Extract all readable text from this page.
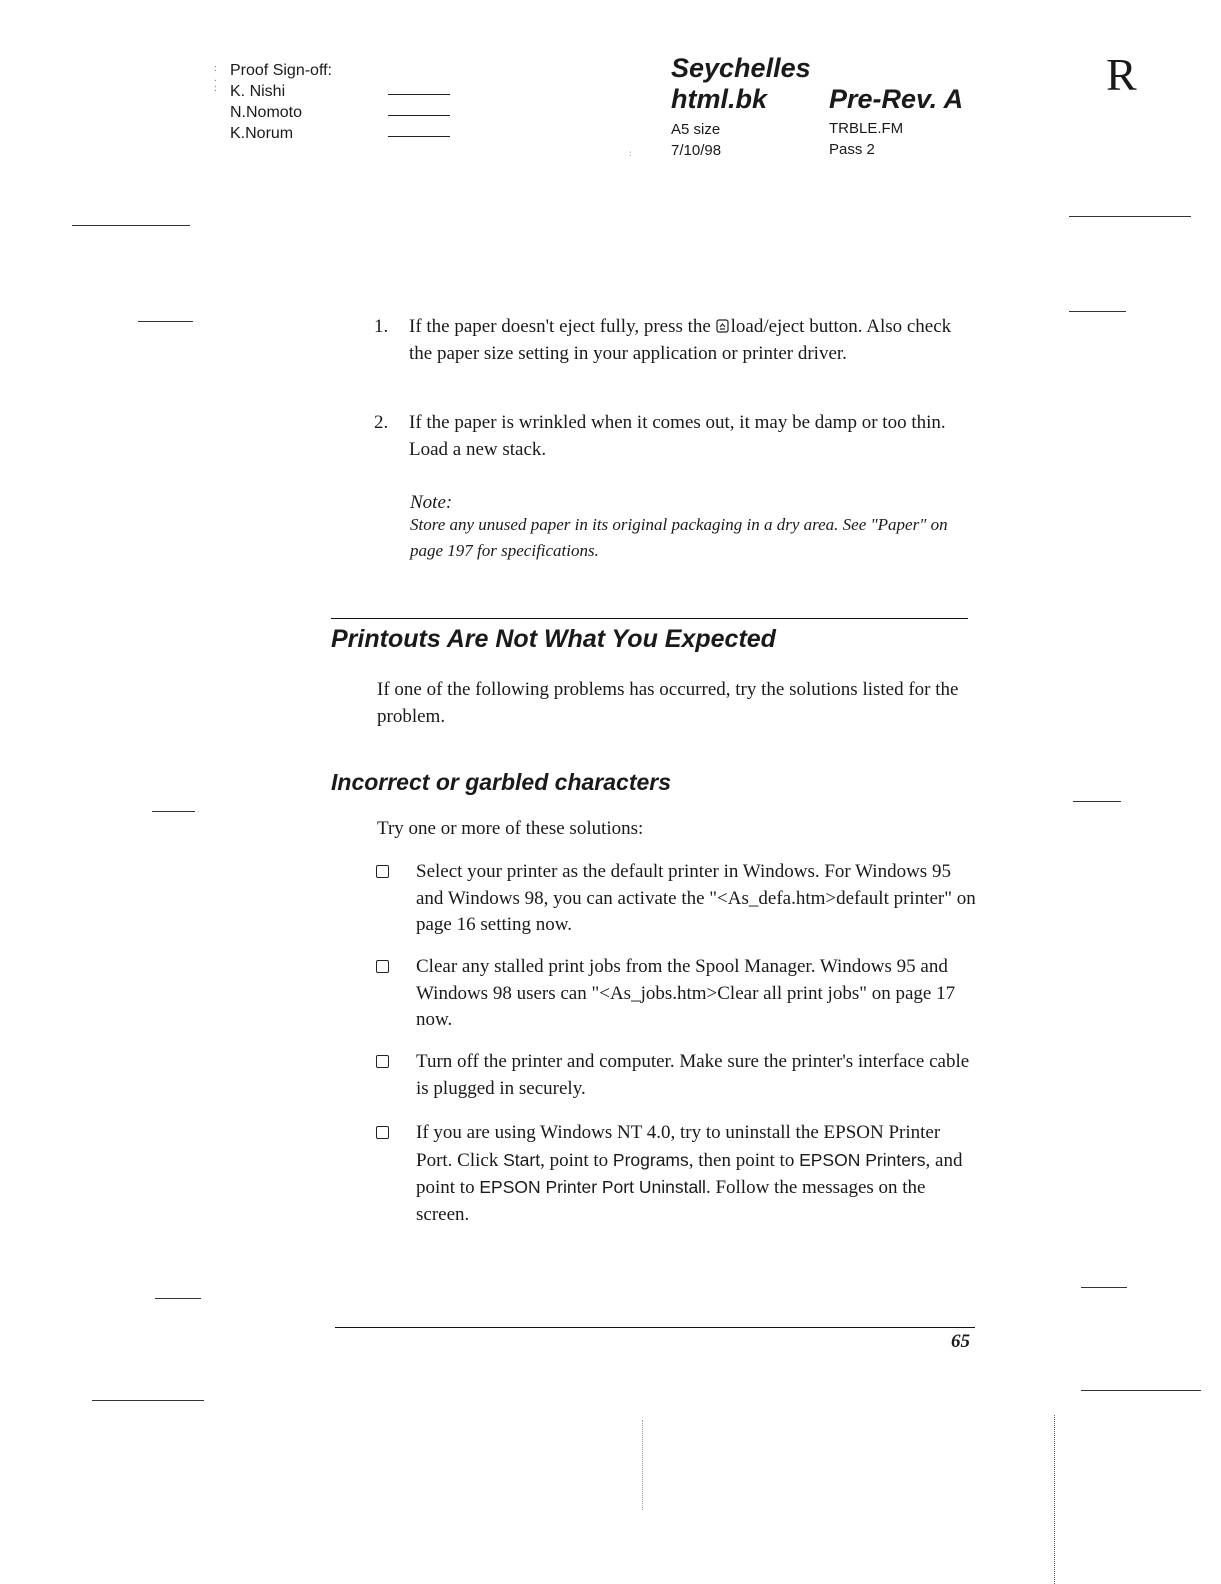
:
.
:
Proof Sign-off:
K. Nishi
N.Nomoto
K.Norum
Seychelles
html.bk Pre-Rev. A
A5 size
7/10/98
TRBLE.FM
Pass 2
:
R
1. If the paper doesn't eject fully, press the load/eject button. Also check the paper size setting in your application or printer driver.
2. If the paper is wrinkled when it comes out, it may be damp or too thin. Load a new stack.
Note:
Store any unused paper in its original packaging in a dry area. See "Paper" on page 197 for specifications.
Printouts Are Not What You Expected
If one of the following problems has occurred, try the solutions listed for the problem.
Incorrect or garbled characters
Try one or more of these solutions:
Select your printer as the default printer in Windows. For Windows 95 and Windows 98, you can activate the "<As_defa.htm>default printer" on page 16 setting now.
Clear any stalled print jobs from the Spool Manager. Windows 95 and Windows 98 users can "<As_jobs.htm>Clear all print jobs" on page 17 now.
Turn off the printer and computer. Make sure the printer's interface cable is plugged in securely.
If you are using Windows NT 4.0, try to uninstall the EPSON Printer Port. Click Start, point to Programs, then point to EPSON Printers, and point to EPSON Printer Port Uninstall. Follow the messages on the screen.
65
